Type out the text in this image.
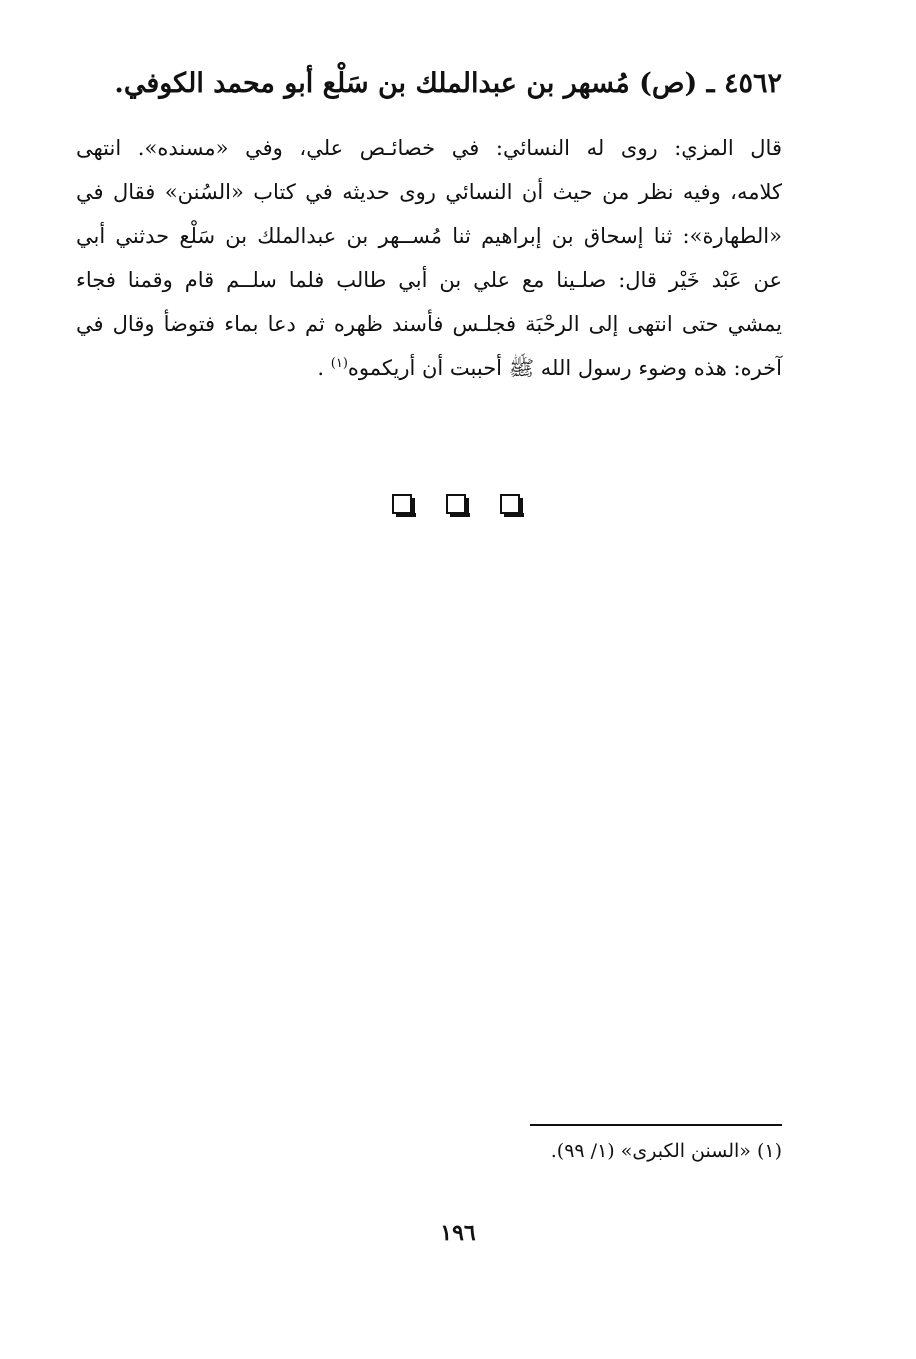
٤٥٦٢ ـ (ص) مُسهر بن عبدالملك بن سَلْع أبو محمد الكوفي.
قال المزي: روى له النسائي: في خصائـص علي، وفي «مسنده». انتهى
كلامه، وفيه نظر من حيث أن النسائي روى حديثه في كتاب «السُنن» فقال في
«الطهارة»: ثنا إسحاق بن إبراهيم ثنا مُســهر بن عبدالملك بن سَلْع حدثني أبي
عن عَبْد خَيْر قال: صلـينا مع علي بن أبي طالب فلما سلــم قام وقمنا فجاء
يمشي حتى انتهى إلى الرحْبَة فجلـس فأسند ظهره ثم دعا بماء فتوضأ وقال في
آخره: هذه وضوء رسول الله ﷺ أحببت أن أريكموه$^{(١)}$ .
(١) «السنن الكبرى» (١/ ٩٩).
١٩٦
